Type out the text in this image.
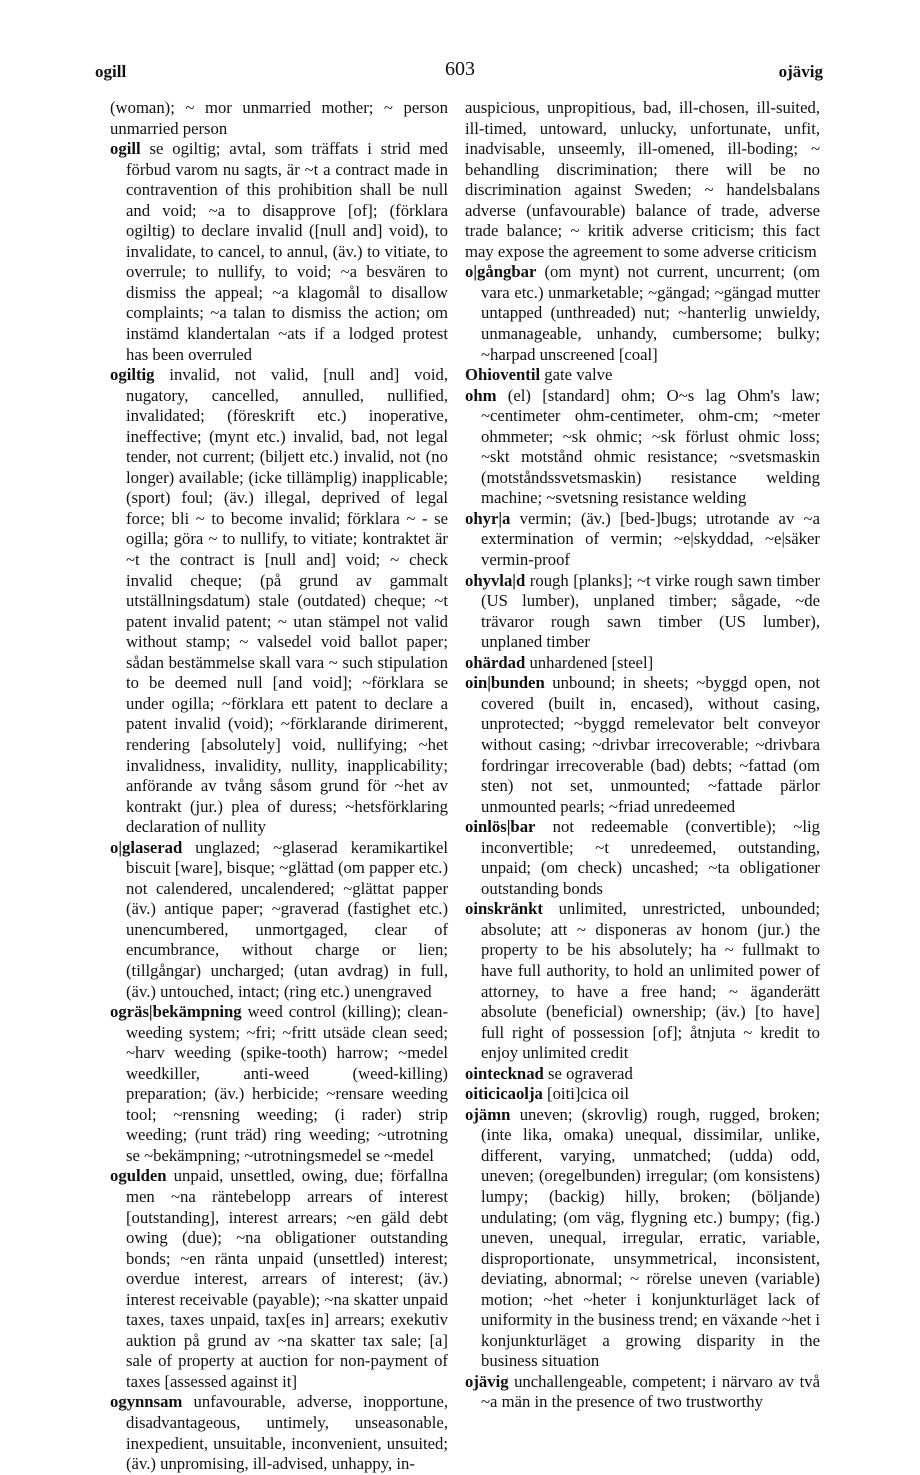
ogill	603	ojävig

(woman); ~ mor unmarried mother; ~ person unmarried person

ogill se ogiltig; avtal, som träffats i strid med förbud varom nu sagts, är ~t a contract made in contravention of this prohibition shall be null and void; ~a to disapprove [of]; (förklara ogiltig) to declare invalid ([null and] void), to invalidate, to cancel, to annul, (äv.) to vitiate, to overrule; to nullify, to void; ~a besvären to dismiss the appeal; ~a klagomål to disallow complaints; ~a talan to dismiss the action; om instämd klandertalan ~ats if a lodged protest has been overruled

ogiltig invalid, not valid, [null and] void, nugatory, cancelled, annulled, nullified, invalidated; (föreskrift etc.) inoperative, ineffective; (mynt etc.) invalid, bad, not legal tender, not current; (biljett etc.) invalid, not (no longer) available; (icke tillämplig) inapplicable; (sport) foul; (äv.) illegal, deprived of legal force; bli ~ to become invalid; förklara ~ - se ogilla; göra ~ to nullify, to vitiate; kontraktet är ~t the contract is [null and] void; ~ check invalid cheque; (på grund av gammalt utställningsdatum) stale (outdated) cheque; ~t patent invalid patent; ~ utan stämpel not valid without stamp; ~ valsedel void ballot paper; sådan bestämmelse skall vara ~ such stipulation to be deemed null [and void]; ~förklara se under ogilla; ~förklara ett patent to declare a patent invalid (void); ~förklarande dirimerent, rendering [absolutely] void, nullifying; ~het invalidness, invalidity, nullity, inapplicability; anförande av tvång såsom grund för ~het av kontrakt (jur.) plea of duress; ~hetsförklaring declaration of nullity

o|glaserad unglazed; ~glaserad keramikartikel biscuit [ware], bisque; ~glättad (om papper etc.) not calendered, uncalendered; ~glättat papper (äv.) antique paper; ~graverad (fastighet etc.) unencumbered, unmortgaged, clear of encumbrance, without charge or lien; (tillgångar) uncharged; (utan avdrag) in full, (äv.) untouched, intact; (ring etc.) unengraved

ogräs|bekämpning weed control (killing); clean-weeding system; ~fri; ~fritt utsäde clean seed; ~harv weeding (spike-tooth) harrow; ~medel weedkiller, anti-weed (weed-killing) preparation; (äv.) herbicide; ~rensare weeding tool; ~rensning weeding; (i rader) strip weeding; (runt träd) ring weeding; ~utrotning se ~bekämpning; ~utrotningsmedel se ~medel

ogulden unpaid, unsettled, owing, due; förfallna men ~na räntebelopp arrears of interest [outstanding], interest arrears; ~en gäld debt owing (due); ~na obligationer outstanding bonds; ~en ränta unpaid (unsettled) interest; overdue interest, arrears of interest; (äv.) interest receivable (payable); ~na skatter unpaid taxes, taxes unpaid, tax[es in] arrears; exekutiv auktion på grund av ~na skatter tax sale; [a] sale of property at auction for non-payment of taxes [assessed against it]

ogynnsam unfavourable, adverse, inopportune, disadvantageous, untimely, unseasonable, inexpedient, unsuitable, inconvenient, unsuited; (äv.) unpromising, ill-advised, unhappy, in-

auspicious, unpropitious, bad, ill-chosen, ill-suited, ill-timed, untoward, unlucky, unfortunate, unfit, inadvisable, unseemly, ill-omened, ill-boding; ~ behandling discrimination; there will be no discrimination against Sweden; ~ handelsbalans adverse (unfavourable) balance of trade, adverse trade balance; ~ kritik adverse criticism; this fact may expose the agreement to some adverse criticism

o|gångbar (om mynt) not current, uncurrent; (om vara etc.) unmarketable; ~gängad; ~gängad mutter untapped (unthreaded) nut; ~hanterlig unwieldy, unmanageable, unhandy, cumbersome; bulky; ~harpad unscreened [coal]

Ohioventil gate valve

ohm (el) [standard] ohm; O~s lag Ohm's law; ~centimeter ohm-centimeter, ohm-cm; ~meter ohmmeter; ~sk ohmic; ~sk förlust ohmic loss; ~skt motstånd ohmic resistance; ~svetsmaskin (motståndssvetsmaskin) resistance welding machine; ~svetsning resistance welding

ohyr|a vermin; (äv.) [bed-]bugs; utrotande av ~a extermination of vermin; ~e|skyddad, ~e|säker vermin-proof

ohyvla|d rough [planks]; ~t virke rough sawn timber (US lumber), unplaned timber; sågade, ~de trävaror rough sawn timber (US lumber), unplaned timber

ohärdad unhardened [steel]

oin|bunden unbound; in sheets; ~byggd open, not covered (built in, encased), without casing, unprotected; ~byggd remelevator belt conveyor without casing; ~drivbar irrecoverable; ~drivbara fordringar irrecoverable (bad) debts; ~fattad (om sten) not set, unmounted; ~fattade pärlor unmounted pearls; ~friad unredeemed

oinlös|bar not redeemable (convertible); ~lig inconvertible; ~t unredeemed, outstanding, unpaid; (om check) uncashed; ~ta obligationer outstanding bonds

oinskränkt unlimited, unrestricted, unbounded; absolute; att ~ disponeras av honom (jur.) the property to be his absolutely; ha ~ fullmakt to have full authority, to hold an unlimited power of attorney, to have a free hand; ~ äganderätt absolute (beneficial) ownership; (äv.) [to have] full right of possession [of]; åtnjuta ~ kredit to enjoy unlimited credit

ointecknad se ograverad

oiticicaolja [oiti]cica oil

ojämn uneven; (skrovlig) rough, rugged, broken; (inte lika, omaka) unequal, dissimilar, unlike, different, varying, unmatched; (udda) odd, uneven; (oregelbunden) irregular; (om konsistens) lumpy; (backig) hilly, broken; (böljande) undulating; (om väg, flygning etc.) bumpy; (fig.) uneven, unequal, irregular, erratic, variable, disproportionate, unsymmetrical, inconsistent, deviating, abnormal; ~ rörelse uneven (variable) motion; ~het ~heter i konjunkturläget lack of uniformity in the business trend; en växande ~het i konjunkturläget a growing disparity in the business situation

ojävig unchallengeable, competent; i närvaro av två ~a män in the presence of two trustworthy
